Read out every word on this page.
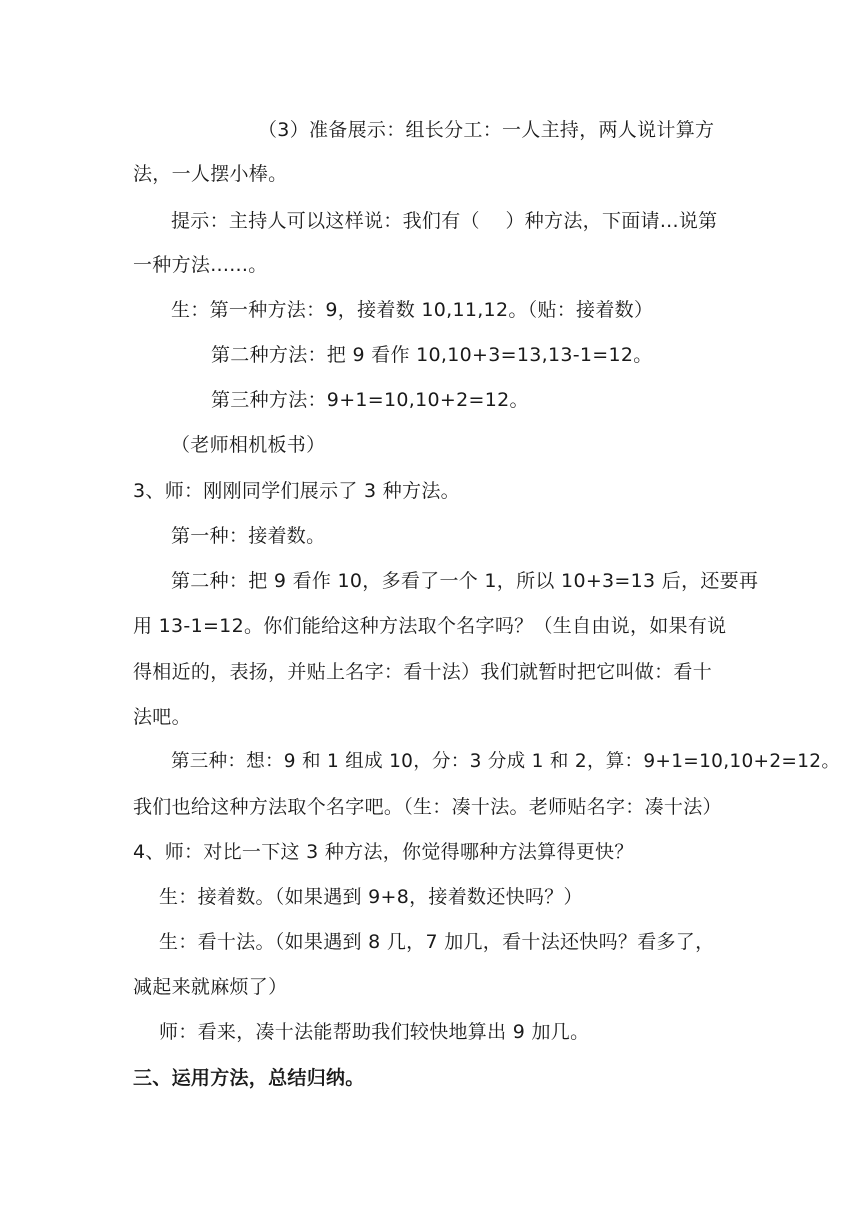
（3）准备展示：组长分工：一人主持，两人说计算方
法，一人摆小棒。
提示：主持人可以这样说：我们有（　 ）种方法，下面请...说第
一种方法......。
生：第一种方法：9，接着数 10,11,12。（贴：接着数）
第二种方法：把 9 看作 10,10+3=13,13-1=12。
第三种方法：9+1=10,10+2=12。
（老师相机板书）
3、师：刚刚同学们展示了 3 种方法。
第一种：接着数。
第二种：把 9 看作 10，多看了一个 1，所以 10+3=13 后，还要再
用 13-1=12。你们能给这种方法取个名字吗？（生自由说，如果有说
得相近的，表扬，并贴上名字：看十法）我们就暂时把它叫做：看十
法吧。
第三种：想：9 和 1 组成 10，分：3 分成 1 和 2，算：9+1=10,10+2=12。
我们也给这种方法取个名字吧。（生：凑十法。老师贴名字：凑十法）
4、师：对比一下这 3 种方法，你觉得哪种方法算得更快？
生：接着数。（如果遇到 9+8，接着数还快吗？）
生：看十法。（如果遇到 8 几，7 加几，看十法还快吗？看多了，
减起来就麻烦了）
师：看来，凑十法能帮助我们较快地算出 9 加几。
三、运用方法，总结归纳。
